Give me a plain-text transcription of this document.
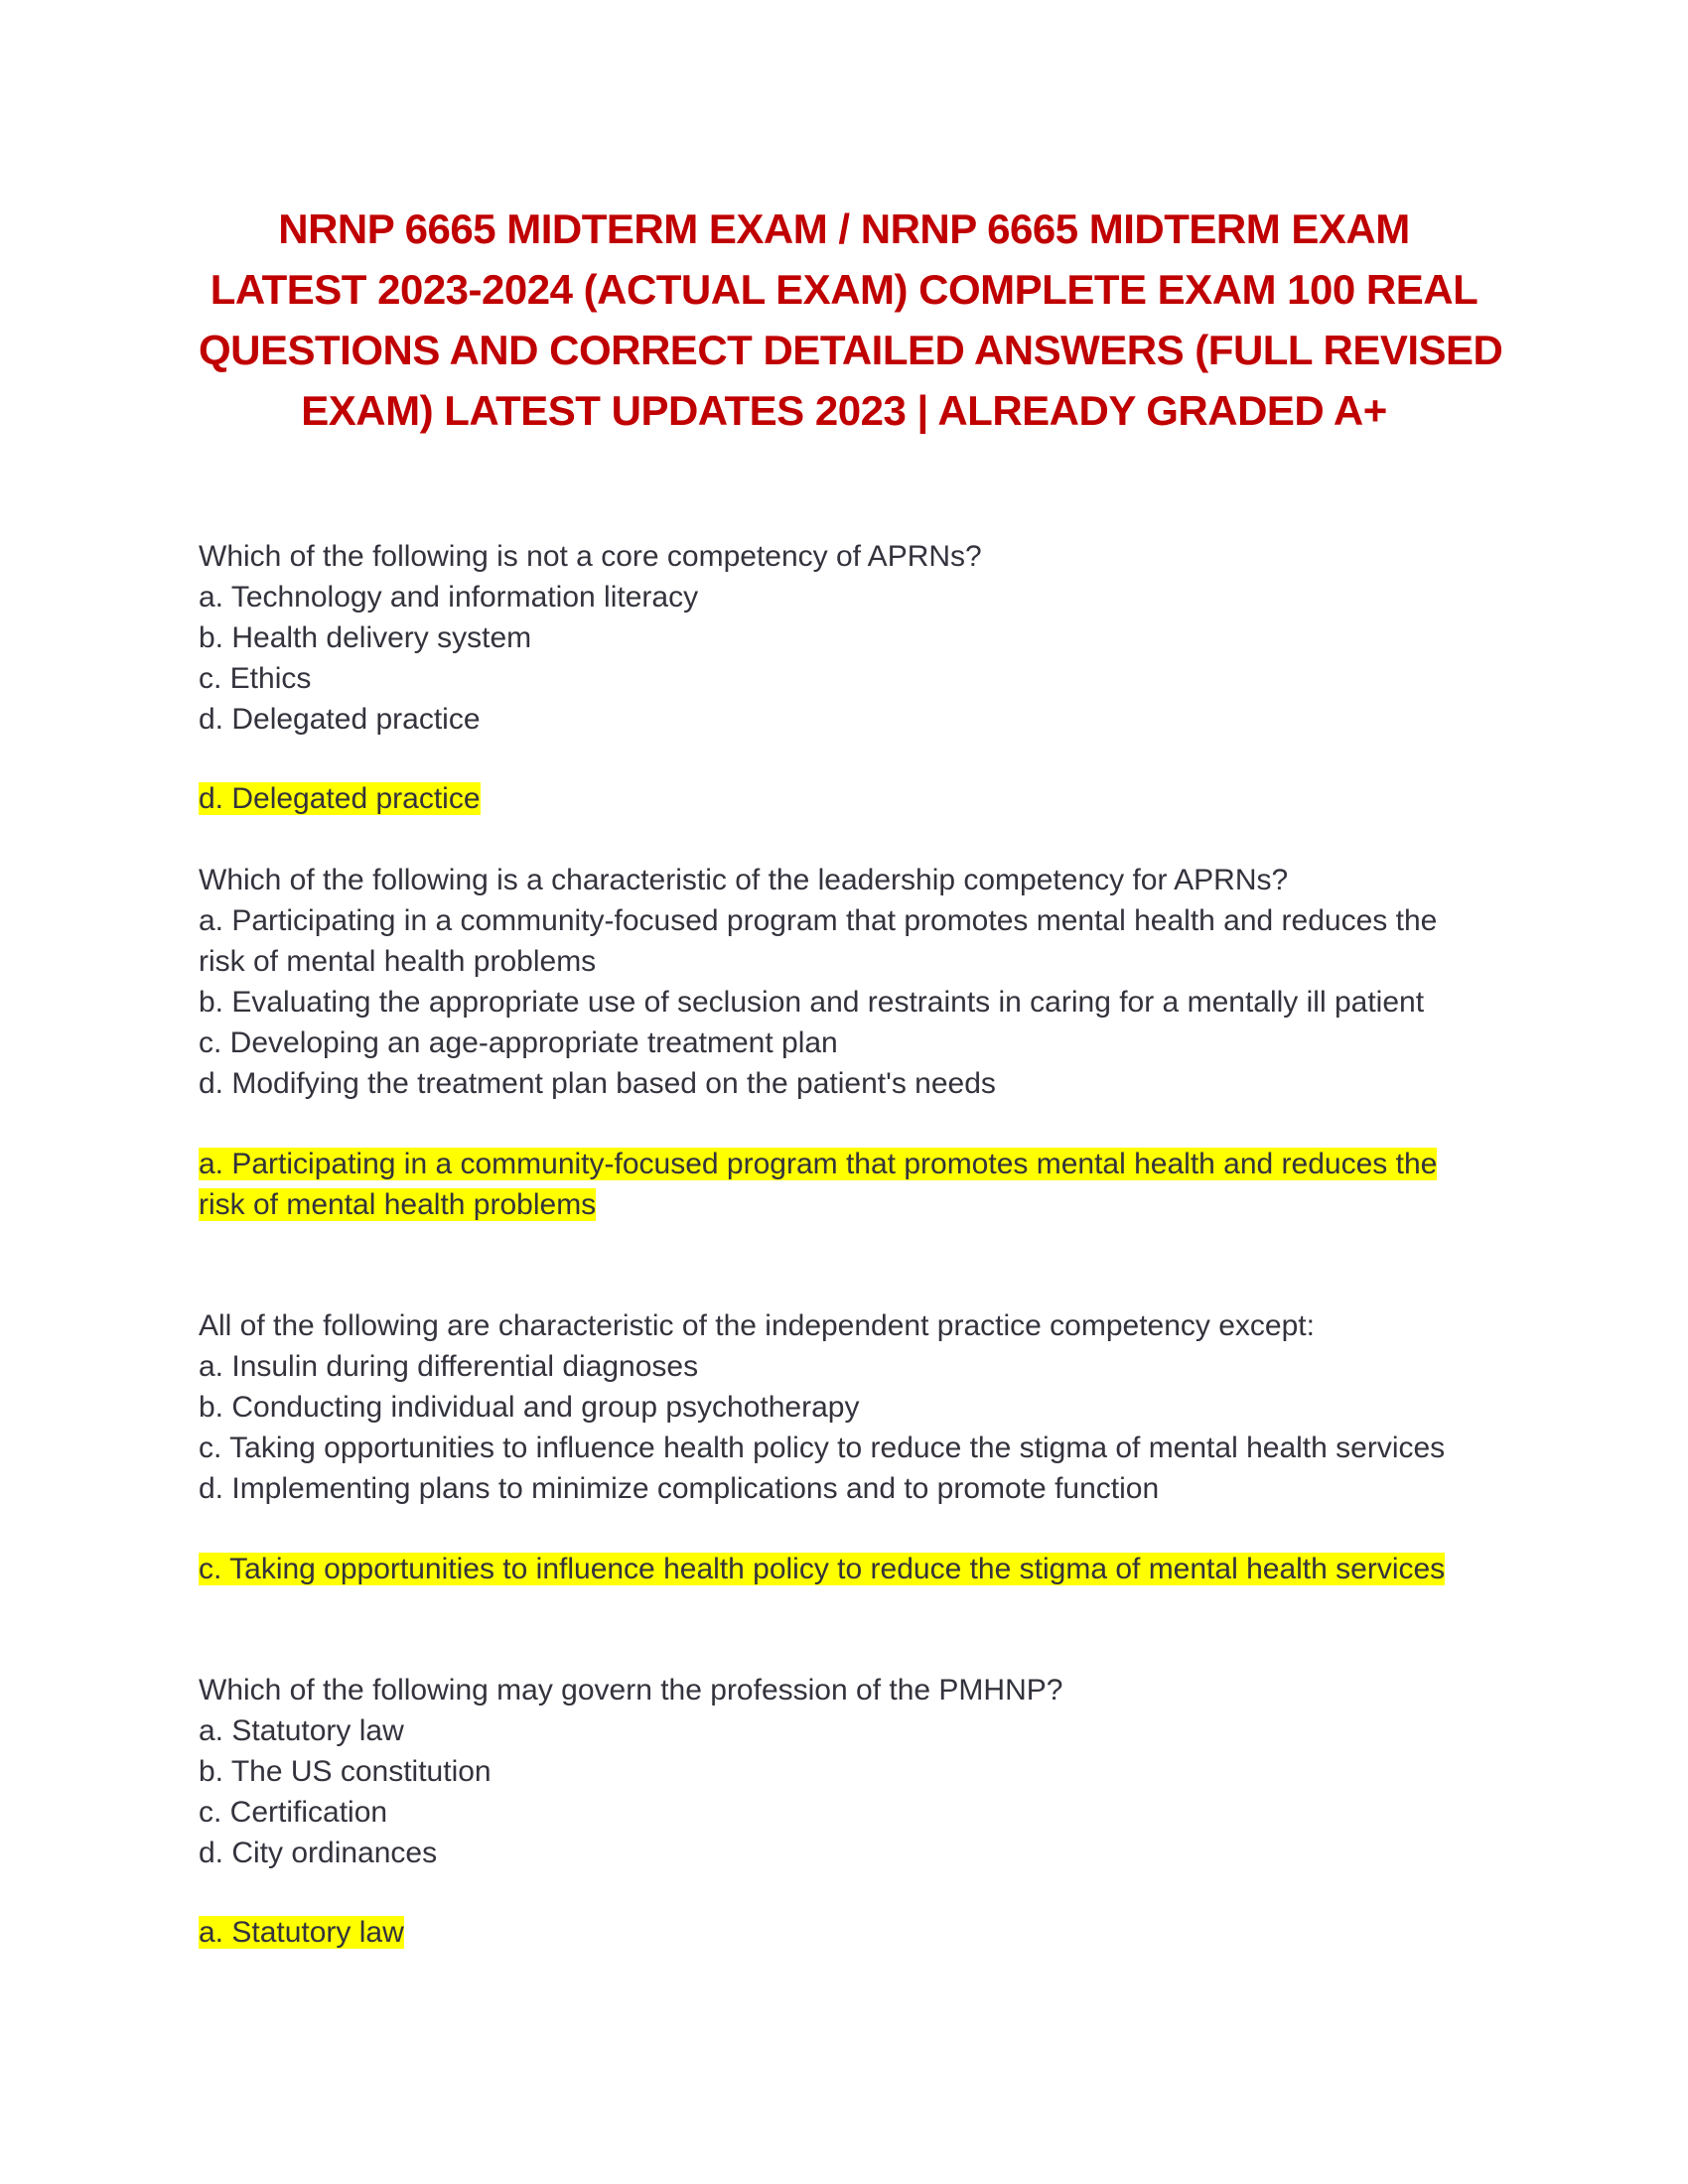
NRNP 6665 MIDTERM EXAM / NRNP 6665 MIDTERM EXAM
LATEST 2023-2024 (ACTUAL EXAM) COMPLETE EXAM 100 REAL
QUESTIONS AND CORRECT DETAILED ANSWERS (FULL REVISED
EXAM) LATEST UPDATES 2023 | ALREADY GRADED A+
Which of the following is not a core competency of APRNs?
a. Technology and information literacy
b. Health delivery system
c. Ethics
d. Delegated practice
d. Delegated practice
Which of the following is a characteristic of the leadership competency for APRNs?
a. Participating in a community-focused program that promotes mental health and reduces the
risk of mental health problems
b. Evaluating the appropriate use of seclusion and restraints in caring for a mentally ill patient
c. Developing an age-appropriate treatment plan
d. Modifying the treatment plan based on the patient's needs
a. Participating in a community-focused program that promotes mental health and reduces the
risk of mental health problems
All of the following are characteristic of the independent practice competency except:
a. Insulin during differential diagnoses
b. Conducting individual and group psychotherapy
c. Taking opportunities to influence health policy to reduce the stigma of mental health services
d. Implementing plans to minimize complications and to promote function
c. Taking opportunities to influence health policy to reduce the stigma of mental health services
Which of the following may govern the profession of the PMHNP?
a. Statutory law
b. The US constitution
c. Certification
d. City ordinances
a. Statutory law
